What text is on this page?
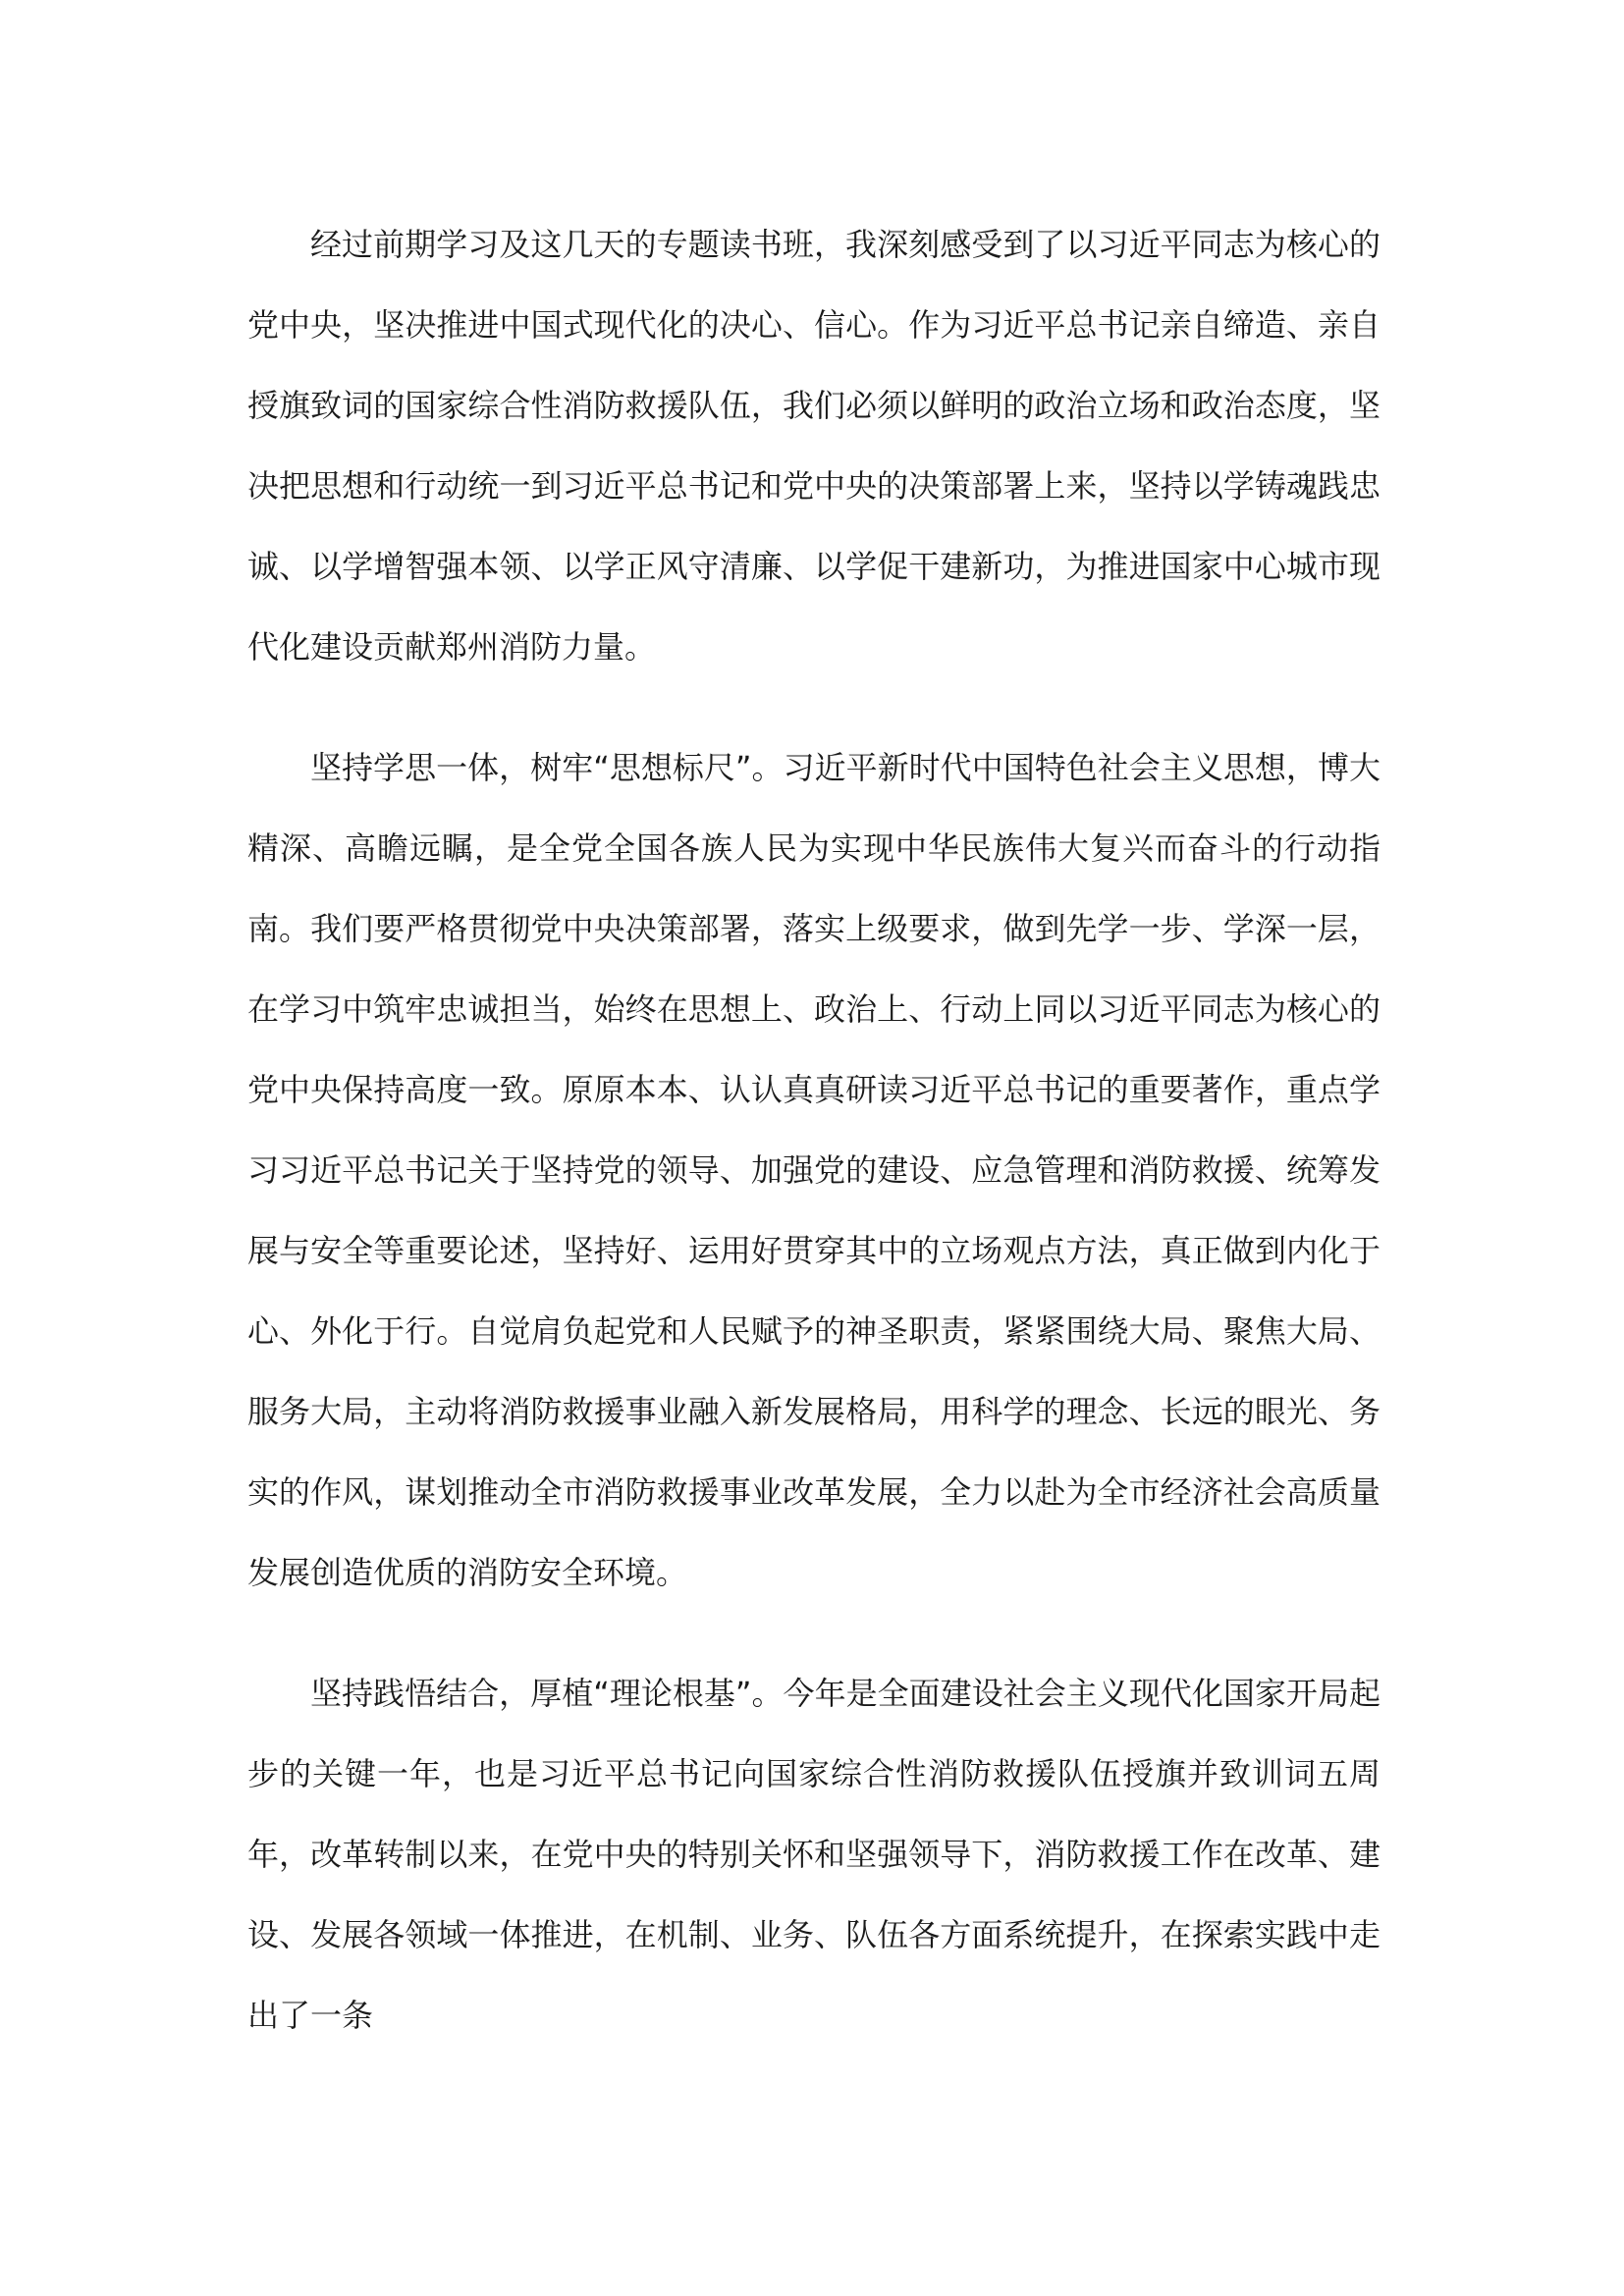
经过前期学习及这几天的专题读书班，我深刻感受到了以习近平同志为核心的党中央，坚决推进中国式现代化的决心、信心。作为习近平总书记亲自缔造、亲自授旗致词的国家综合性消防救援队伍，我们必须以鲜明的政治立场和政治态度，坚决把思想和行动统一到习近平总书记和党中央的决策部署上来，坚持以学铸魂践忠诚、以学增智强本领、以学正风守清廉、以学促干建新功，为推进国家中心城市现代化建设贡献郑州消防力量。

坚持学思一体，树牢“思想标尺”。习近平新时代中国特色社会主义思想，博大精深、高瞻远瞩，是全党全国各族人民为实现中华民族伟大复兴而奋斗的行动指南。我们要严格贯彻党中央决策部署，落实上级要求，做到先学一步、学深一层，在学习中筑牢忠诚担当，始终在思想上、政治上、行动上同以习近平同志为核心的党中央保持高度一致。原原本本、认认真真研读习近平总书记的重要著作，重点学习习近平总书记关于坚持党的领导、加强党的建设、应急管理和消防救援、统筹发展与安全等重要论述，坚持好、运用好贯穿其中的立场观点方法，真正做到内化于心、外化于行。自觉肩负起党和人民赋予的神圣职责，紧紧围绕大局、聚焦大局、服务大局，主动将消防救援事业融入新发展格局，用科学的理念、长远的眼光、务实的作风，谋划推动全市消防救援事业改革发展，全力以赴为全市经济社会高质量发展创造优质的消防安全环境。

坚持践悟结合，厚植“理论根基”。今年是全面建设社会主义现代化国家开局起步的关键一年，也是习近平总书记向国家综合性消防救援队伍授旗并致训词五周年，改革转制以来，在党中央的特别关怀和坚强领导下，消防救援工作在改革、建设、发展各领域一体推进，在机制、业务、队伍各方面系统提升，在探索实践中走出了一条
